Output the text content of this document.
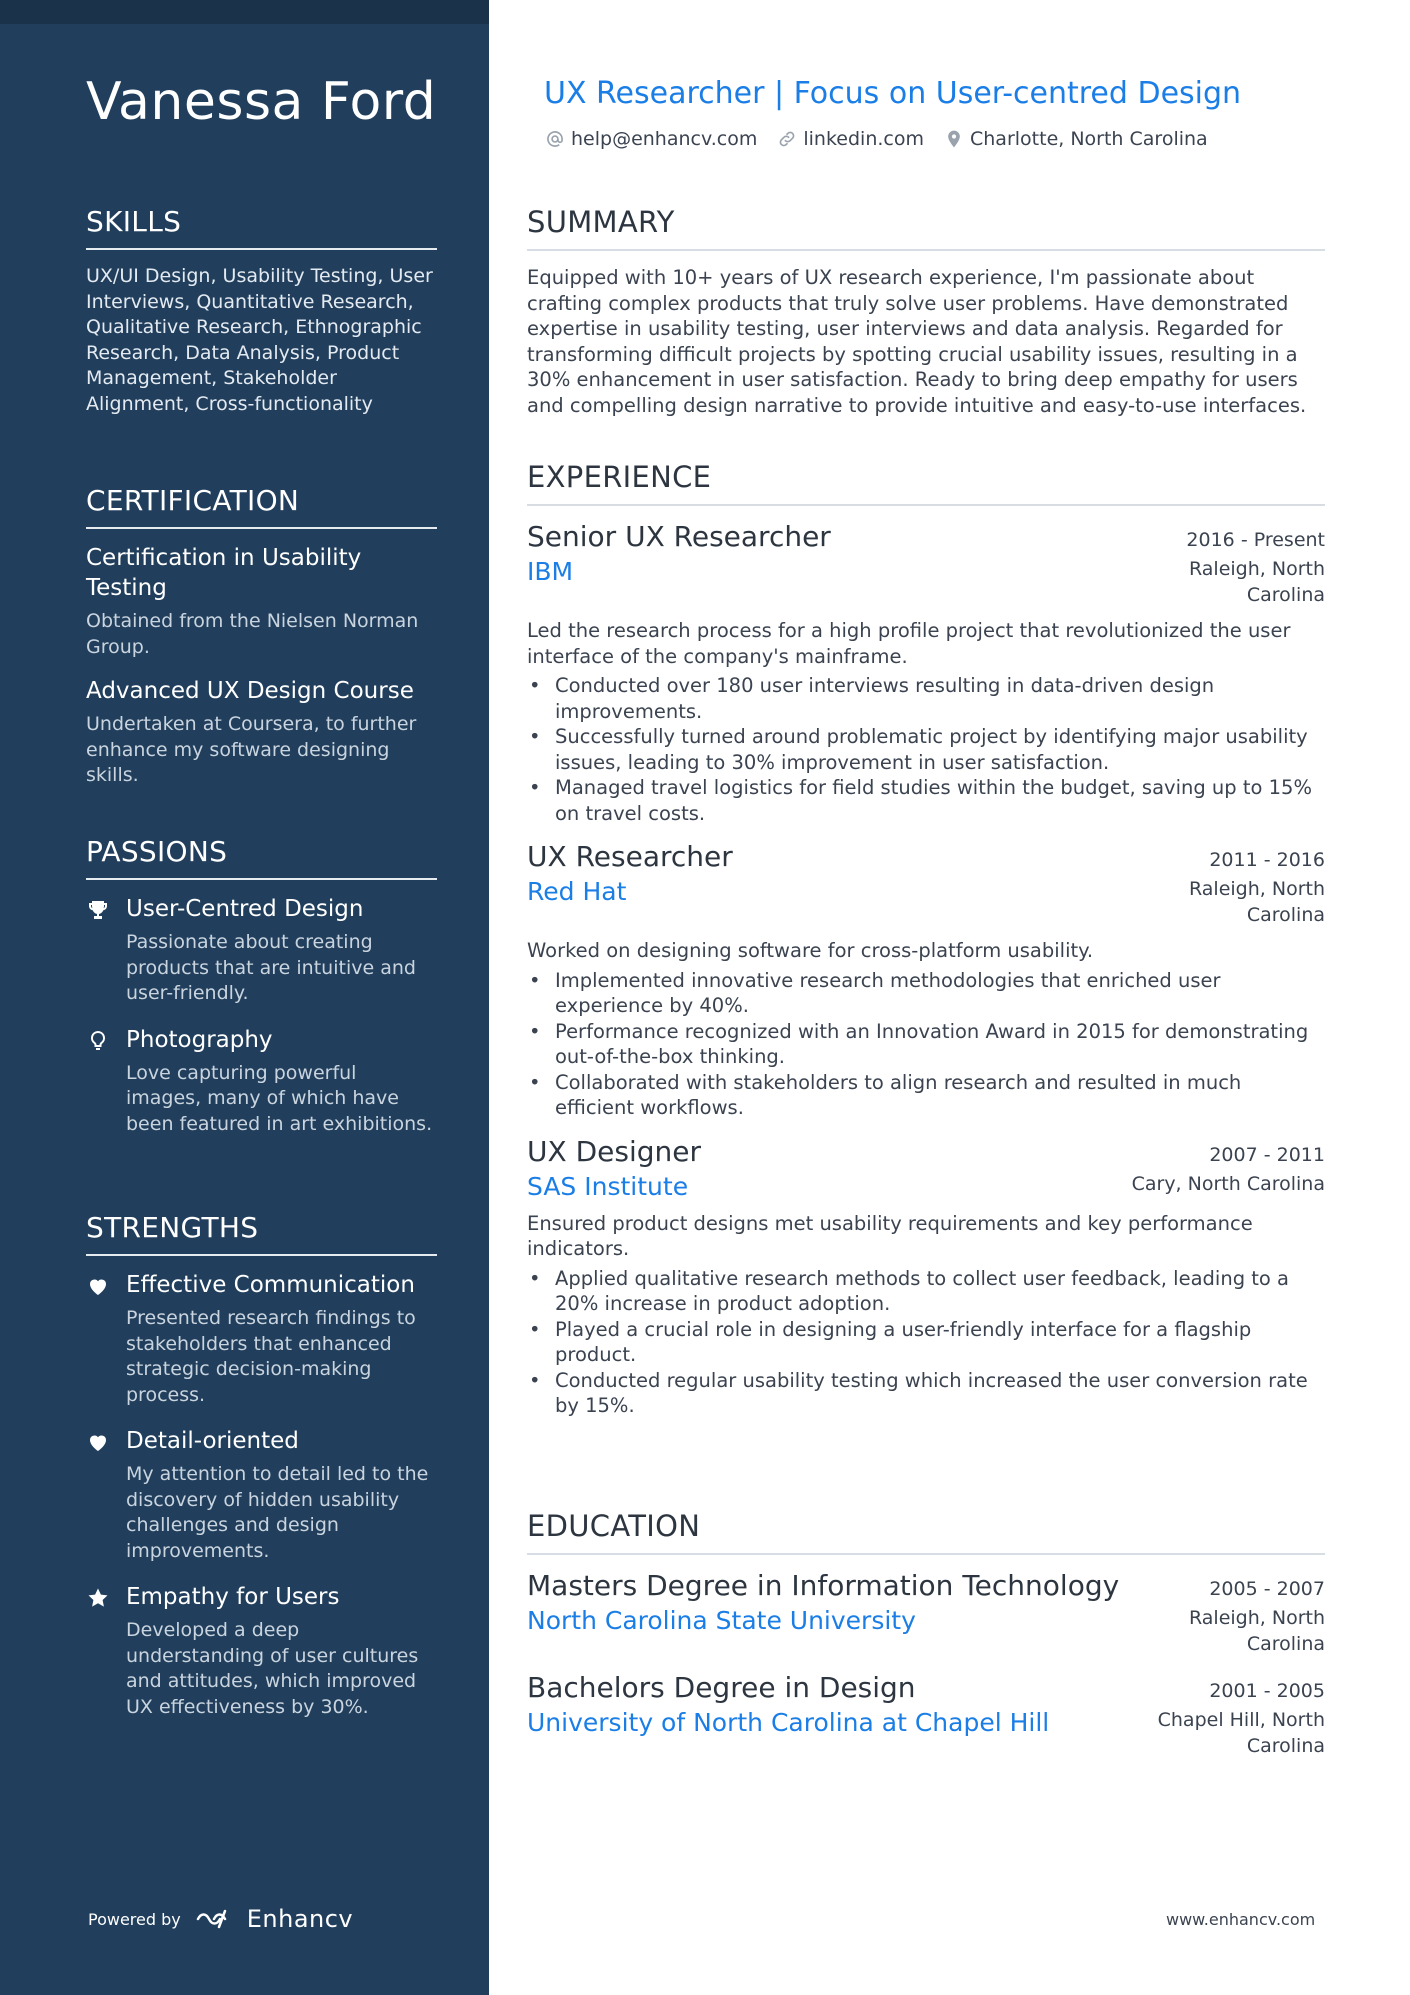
Vanessa Ford
SKILLS
UX/UI Design, Usability Testing, User Interviews, Quantitative Research, Qualitative Research, Ethnographic Research, Data Analysis, Product Management, Stakeholder Alignment, Cross-functionality
CERTIFICATION
Certification in Usability Testing
Obtained from the Nielsen Norman Group.
Advanced UX Design Course
Undertaken at Coursera, to further enhance my software designing skills.
PASSIONS
User-Centred Design
Passionate about creating products that are intuitive and user-friendly.
Photography
Love capturing powerful images, many of which have been featured in art exhibitions.
STRENGTHS
Effective Communication
Presented research findings to stakeholders that enhanced strategic decision-making process.
Detail-oriented
My attention to detail led to the discovery of hidden usability challenges and design improvements.
Empathy for Users
Developed a deep understanding of user cultures and attitudes, which improved UX effectiveness by 30%.
Powered by	Enhancv
UX Researcher | Focus on User-centred Design
help@enhancv.com linkedin.com Charlotte, North Carolina
SUMMARY
Equipped with 10+ years of UX research experience, I'm passionate about crafting complex products that truly solve user problems. Have demonstrated expertise in usability testing, user interviews and data analysis. Regarded for transforming difficult projects by spotting crucial usability issues, resulting in a 30% enhancement in user satisfaction. Ready to bring deep empathy for users and compelling design narrative to provide intuitive and easy-to-use interfaces.
EXPERIENCE
Senior UX Researcher	2016 - Present
IBM	Raleigh, North Carolina
Led the research process for a high profile project that revolutionized the user interface of the company's mainframe.
• Conducted over 180 user interviews resulting in data-driven design improvements.
• Successfully turned around problematic project by identifying major usability issues, leading to 30% improvement in user satisfaction.
• Managed travel logistics for field studies within the budget, saving up to 15% on travel costs.
UX Researcher	2011 - 2016
Red Hat	Raleigh, North Carolina
Worked on designing software for cross-platform usability.
• Implemented innovative research methodologies that enriched user experience by 40%.
• Performance recognized with an Innovation Award in 2015 for demonstrating out-of-the-box thinking.
• Collaborated with stakeholders to align research and resulted in much efficient workflows.
UX Designer	2007 - 2011
SAS Institute	Cary, North Carolina
Ensured product designs met usability requirements and key performance indicators.
• Applied qualitative research methods to collect user feedback, leading to a 20% increase in product adoption.
• Played a crucial role in designing a user-friendly interface for a flagship product.
• Conducted regular usability testing which increased the user conversion rate by 15%.
EDUCATION
Masters Degree in Information Technology	2005 - 2007
North Carolina State University	Raleigh, North Carolina
Bachelors Degree in Design	2001 - 2005
University of North Carolina at Chapel Hill	Chapel Hill, North Carolina
www.enhancv.com
